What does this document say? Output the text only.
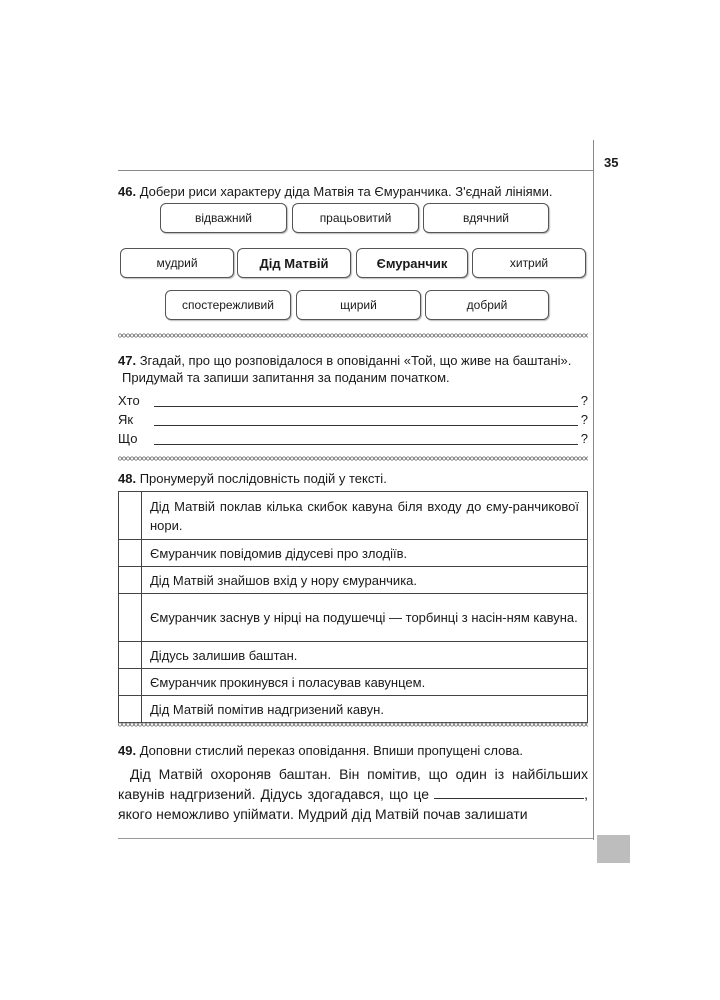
35
46. Добери риси характеру діда Матвія та Ємуранчика. З'єднай лініями.
відважний	працьовитий	вдячний
мудрий	Дід Матвій	Ємуранчик	хитрий
спостережливий	щирий	добрий
47. Згадай, про що розповідалося в оповіданні «Той, що живе на баштані».
Придумай та запиши запитання за поданим початком.
Хто	?
Як	?
Що	?
48. Пронумеруй послідовність подій у тексті.
	Дід Матвій поклав кілька скибок кавуна біля входу до єму-ранчикової нори.
	Ємуранчик повідомив дідусеві про злодіїв.
	Дід Матвій знайшов вхід у нору ємуранчика.
	Ємуранчик заснув у нірці на подушечці — торбинці з насін-ням кавуна.
	Дідусь залишив баштан.
	Ємуранчик прокинувся і поласував кавунцем.
	Дід Матвій помітив надгризений кавун.
49. Доповни стислий переказ оповідання. Впиши пропущені слова.
Дід Матвій охороняв баштан. Він помітив, що один із найбільших кавунів надгризений. Дідусь здогадався, що це	, якого неможливо упіймати. Мудрий дід Матвій почав залишати
